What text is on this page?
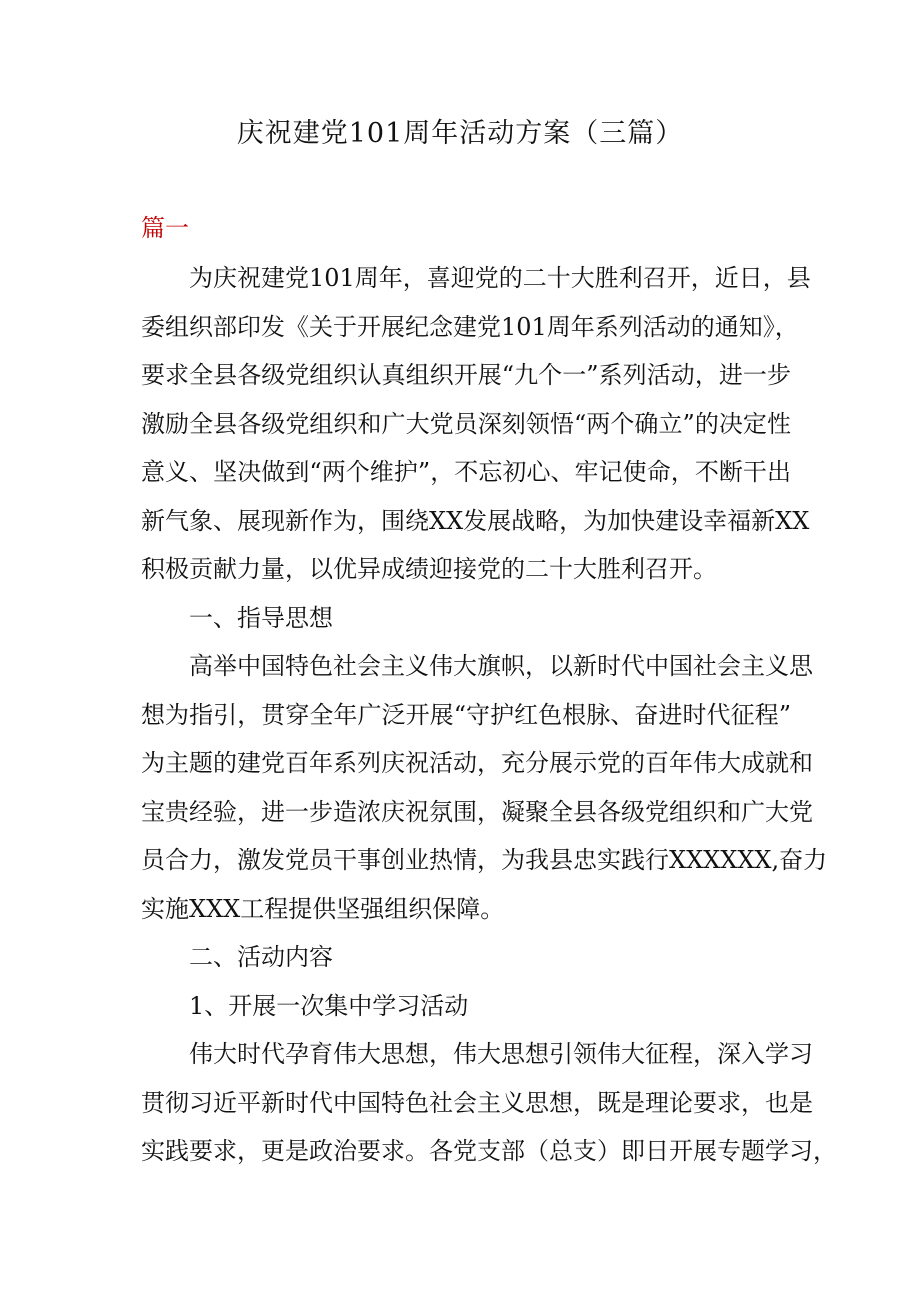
庆祝建党101周年活动方案（三篇）
篇一
为庆祝建党101周年，喜迎党的二十大胜利召开，近日，县
委组织部印发《关于开展纪念建党101周年系列活动的通知》，
要求全县各级党组织认真组织开展“九个一”系列活动，进一步
激励全县各级党组织和广大党员深刻领悟“两个确立”的决定性
意义、坚决做到“两个维护”，不忘初心、牢记使命，不断干出
新气象、展现新作为，围绕XX发展战略，为加快建设幸福新XX
积极贡献力量，以优异成绩迎接党的二十大胜利召开。
一、指导思想
高举中国特色社会主义伟大旗帜，以新时代中国社会主义思
想为指引，贯穿全年广泛开展“守护红色根脉、奋进时代征程”
为主题的建党百年系列庆祝活动，充分展示党的百年伟大成就和
宝贵经验，进一步造浓庆祝氛围，凝聚全县各级党组织和广大党
员合力，激发党员干事创业热情，为我县忠实践行XXXXXX,奋力
实施XXX工程提供坚强组织保障。
二、活动内容
1、开展一次集中学习活动
伟大时代孕育伟大思想，伟大思想引领伟大征程，深入学习
贯彻习近平新时代中国特色社会主义思想，既是理论要求，也是
实践要求，更是政治要求。各党支部（总支）即日开展专题学习，
